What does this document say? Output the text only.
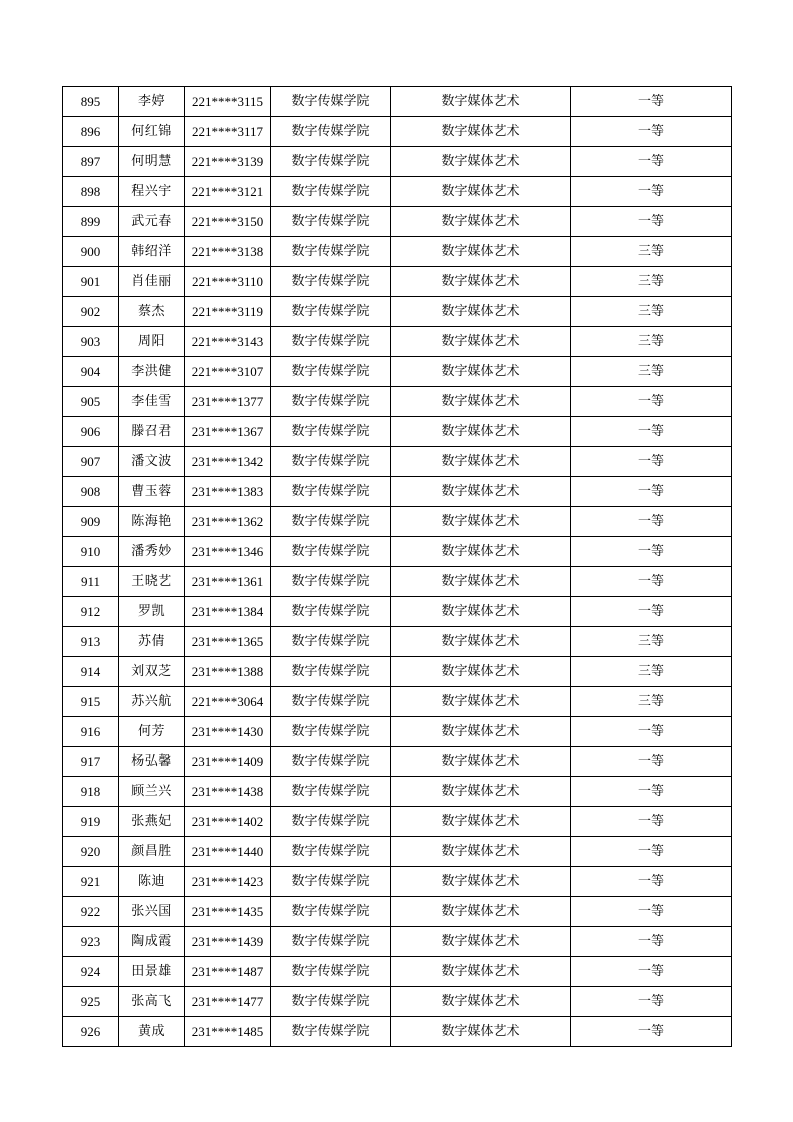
895	李婷	221****3115	数字传媒学院	数字媒体艺术	一等
896	何红锦	221****3117	数字传媒学院	数字媒体艺术	一等
897	何明慧	221****3139	数字传媒学院	数字媒体艺术	一等
898	程兴宇	221****3121	数字传媒学院	数字媒体艺术	一等
899	武元春	221****3150	数字传媒学院	数字媒体艺术	一等
900	韩绍洋	221****3138	数字传媒学院	数字媒体艺术	三等
901	肖佳丽	221****3110	数字传媒学院	数字媒体艺术	三等
902	蔡杰	221****3119	数字传媒学院	数字媒体艺术	三等
903	周阳	221****3143	数字传媒学院	数字媒体艺术	三等
904	李洪健	221****3107	数字传媒学院	数字媒体艺术	三等
905	李佳雪	231****1377	数字传媒学院	数字媒体艺术	一等
906	滕召君	231****1367	数字传媒学院	数字媒体艺术	一等
907	潘文波	231****1342	数字传媒学院	数字媒体艺术	一等
908	曹玉蓉	231****1383	数字传媒学院	数字媒体艺术	一等
909	陈海艳	231****1362	数字传媒学院	数字媒体艺术	一等
910	潘秀妙	231****1346	数字传媒学院	数字媒体艺术	一等
911	王晓艺	231****1361	数字传媒学院	数字媒体艺术	一等
912	罗凯	231****1384	数字传媒学院	数字媒体艺术	一等
913	苏倩	231****1365	数字传媒学院	数字媒体艺术	三等
914	刘双芝	231****1388	数字传媒学院	数字媒体艺术	三等
915	苏兴航	221****3064	数字传媒学院	数字媒体艺术	三等
916	何芳	231****1430	数字传媒学院	数字媒体艺术	一等
917	杨弘馨	231****1409	数字传媒学院	数字媒体艺术	一等
918	顾兰兴	231****1438	数字传媒学院	数字媒体艺术	一等
919	张燕妃	231****1402	数字传媒学院	数字媒体艺术	一等
920	颜昌胜	231****1440	数字传媒学院	数字媒体艺术	一等
921	陈迪	231****1423	数字传媒学院	数字媒体艺术	一等
922	张兴国	231****1435	数字传媒学院	数字媒体艺术	一等
923	陶成霞	231****1439	数字传媒学院	数字媒体艺术	一等
924	田景雄	231****1487	数字传媒学院	数字媒体艺术	一等
925	张高飞	231****1477	数字传媒学院	数字媒体艺术	一等
926	黄成	231****1485	数字传媒学院	数字媒体艺术	一等
